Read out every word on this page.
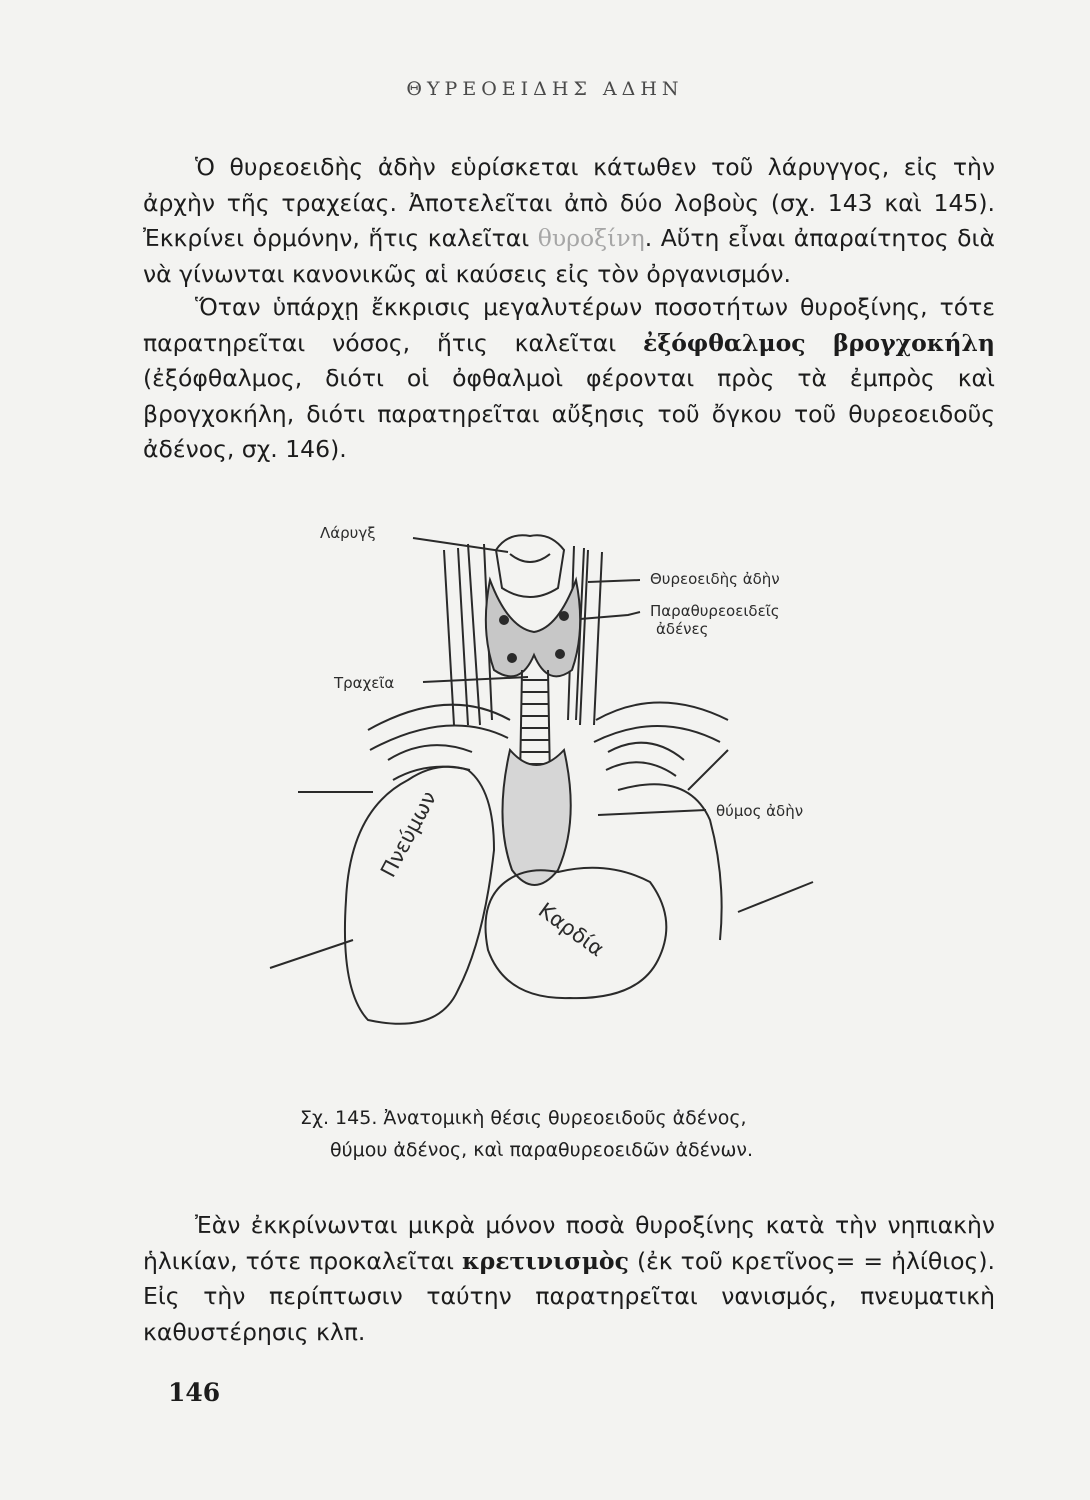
ΘΥΡΕΟΕΙΔΗΣ ΑΔΗΝ

Ὁ θυρεοειδὴς ἀδὴν εὑρίσκεται κάτωθεν τοῦ λάρυγγος, εἰς τὴν ἀρχὴν τῆς τραχείας. Ἀποτελεῖται ἀπὸ δύο λοβοὺς (σχ. 143 καὶ 145). Ἐκκρίνει ὁρμόνην, ἥτις καλεῖται θυροξίνη. Αὕτη εἶναι ἀπαραίτητος διὰ νὰ γίνωνται κανονικῶς αἱ καύσεις εἰς τὸν ὀργανισμόν.

Ὅταν ὑπάρχῃ ἔκκρισις μεγαλυτέρων ποσοτήτων θυροξίνης, τότε παρατηρεῖται νόσος, ἥτις καλεῖται ἐξόφθαλμος βρογχοκήλη (ἐξόφθαλμος, διότι οἱ ὀφθαλμοὶ φέρονται πρὸς τὰ ἐμπρὸς καὶ βρογχοκήλη, διότι παρατηρεῖται αὔξησις τοῦ ὄγκου τοῦ θυρεοειδοῦς ἀδένος, σχ. 146).

Λάρυγξ
Θυρεοειδὴς ἀδὴν
Παραθυρεοειδεῖς
ἀδένες
Τραχεῖα
θύμος ἀδὴν
Πνεύμων
Καρδία
Σχ. 145. Ἀνατομικὴ θέσις θυρεοειδοῦς ἀδένος,
θύμου ἀδένος, καὶ παραθυρεοειδῶν ἀδένων.

Ἐὰν ἐκκρίνωνται μικρὰ μόνον ποσὰ θυροξίνης κατὰ τὴν νηπιακὴν ἡλικίαν, τότε προκαλεῖται κρετινισμὸς (ἐκ τοῦ κρετῖνος= = ἠλίθιος). Εἰς τὴν περίπτωσιν ταύτην παρατηρεῖται νανισμός, πνευματικὴ καθυστέρησις κλπ.

146
